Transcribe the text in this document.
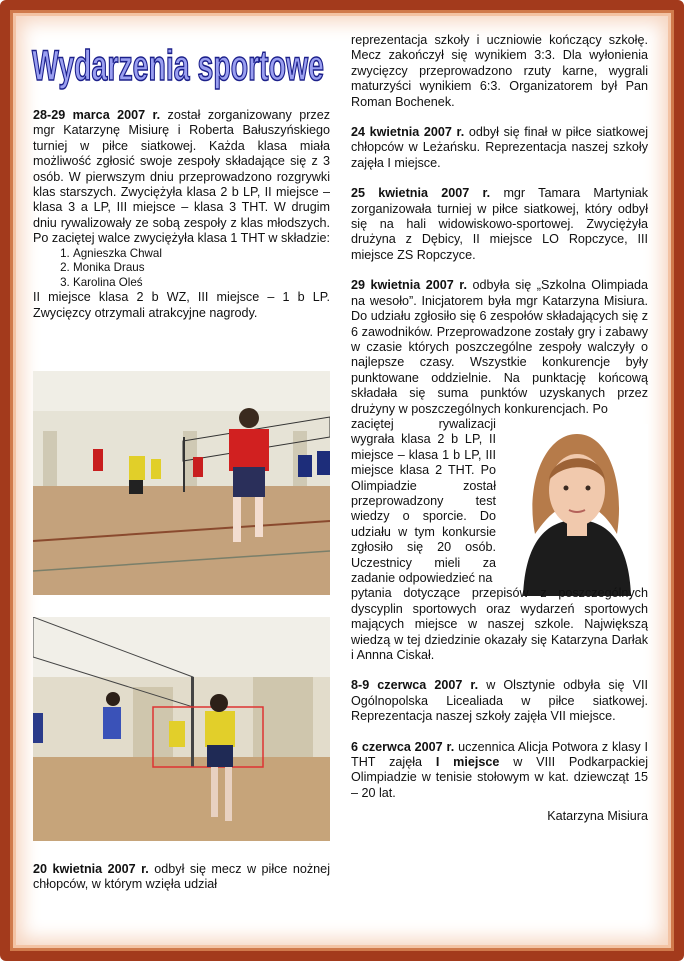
Wydarzenia sportowe

28-29 marca 2007 r. został zorganizowany przez mgr Katarzynę Misiurę i Roberta Bałuszyńskiego turniej w piłce siatkowej. Każda klasa miała możliwość zgłosić swoje zespoły składające się z 3 osób. W pierwszym dniu przeprowadzono rozgrywki klas starszych. Zwyciężyła klasa 2 b LP, II miejsce – klasa 3 a LP, III miejsce – klasa 3 THT. W drugim dniu rywalizowały ze sobą zespoły z klas młodszych. Po zaciętej walce zwyciężyła klasa 1 THT w składzie:

1. Agnieszka Chwal
2. Monika Draus
3. Karolina Oleś

II miejsce klasa 2 b WZ, III miejsce – 1 b LP. Zwycięzcy otrzymali atrakcyjne nagrody.

reprezentacja szkoły i uczniowie kończący szkołę. Mecz zakończył się wynikiem 3:3. Dla wyłonienia zwycięzcy przeprowadzono rzuty karne, wygrali maturzyści wynikiem 6:3. Organizatorem był Pan Roman Bochenek.

24 kwietnia 2007 r. odbył się finał w piłce siatkowej chłopców w Leżańsku. Reprezentacja naszej szkoły zajęła I miejsce.

25 kwietnia 2007 r. mgr Tamara Martyniak zorganizowała turniej w piłce siatkowej, który odbył się na hali widowiskowo-sportowej. Zwyciężyła drużyna z Dębicy, II miejsce LO Ropczyce, III miejsce ZS Ropczyce.

29 kwietnia 2007 r. odbyła się „Szkolna Olimpiada na wesoło”. Inicjatorem była mgr Katarzyna Misiura. Do udziału zgłosiło się 6 zespołów składających się z 6 zawodników. Przeprowadzone zostały gry i zabawy w czasie których poszczególne zespoły walczyły o najlepsze czasy. Wszystkie konkurencje były punktowane oddzielnie. Na punktację końcową składała się suma punktów uzyskanych przez drużyny w poszczególnych konkurencjach. Po

zaciętej rywalizacji wygrała klasa 2 b LP, II miejsce – klasa 1 b LP, III miejsce klasa 2 THT. Po Olimpiadzie został przeprowadzony test wiedzy o sporcie. Do udziału w tym konkursie zgłosiło się 20 osób. Uczestnicy mieli za zadanie odpowiedzieć na

pytania dotyczące przepisów z poszczególnych dyscyplin sportowych oraz wydarzeń sportowych mających miejsce w naszej szkole. Największą wiedzą w tej dziedzinie okazały się Katarzyna Darłak i Annna Ciskał.

8-9 czerwca 2007 r. w Olsztynie odbyła się VII Ogólnopolska Licealiada w piłce siatkowej. Reprezentacja naszej szkoły zajęła VII miejsce.

6 czerwca 2007 r. uczennica Alicja Potwora z klasy I THT zajęła I miejsce w VIII Podkarpackiej Olimpiadzie w tenisie stołowym w kat. dziewcząt 15 – 20 lat.

Katarzyna Misiura
20 kwietnia 2007 r. odbył się mecz w piłce nożnej chłopców, w którym wzięła udział
